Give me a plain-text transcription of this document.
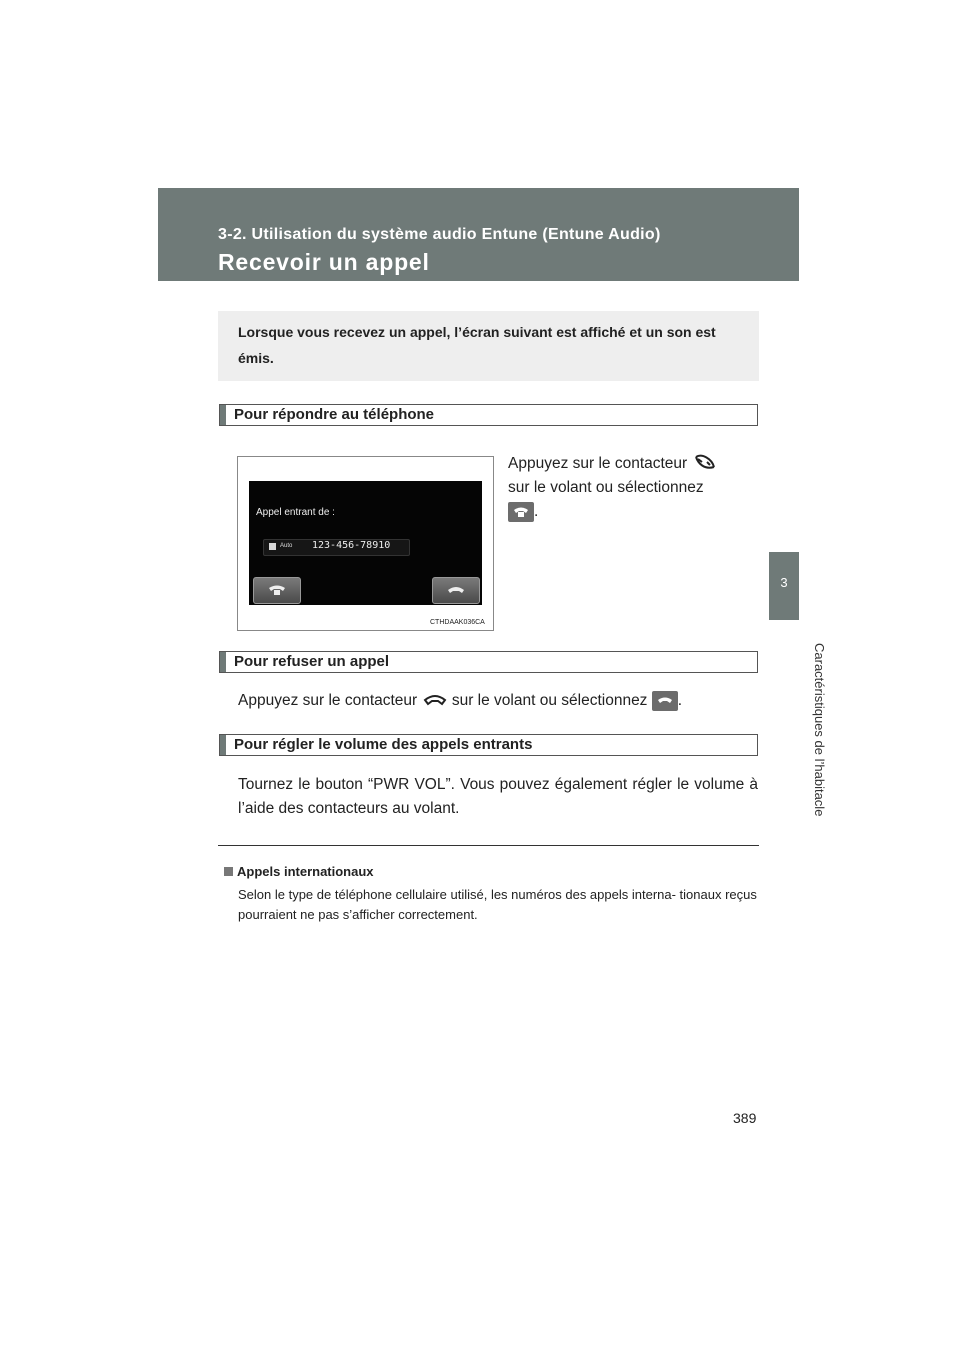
3-2. Utilisation du système audio Entune (Entune Audio)
Recevoir un appel
3
Caractéristiques de l’habitacle
Lorsque vous recevez un appel, l’écran suivant est affiché et un son est émis.
Pour répondre au téléphone
Appuyez sur le contacteur
sur le volant ou sélectionnez

.
Appel entrant de :
Auto 123-456-78910
CTHDAAK036CA
Pour refuser un appel
Appuyez sur le contacteur sur le volant ou sélectionnez .
Pour régler le volume des appels entrants
Tournez le bouton “PWR VOL”. Vous pouvez également régler le volume à l’aide des contacteurs au volant.
Appels internationaux
Selon le type de téléphone cellulaire utilisé, les numéros des appels interna- tionaux reçus pourraient ne pas s’afficher correctement.
389
